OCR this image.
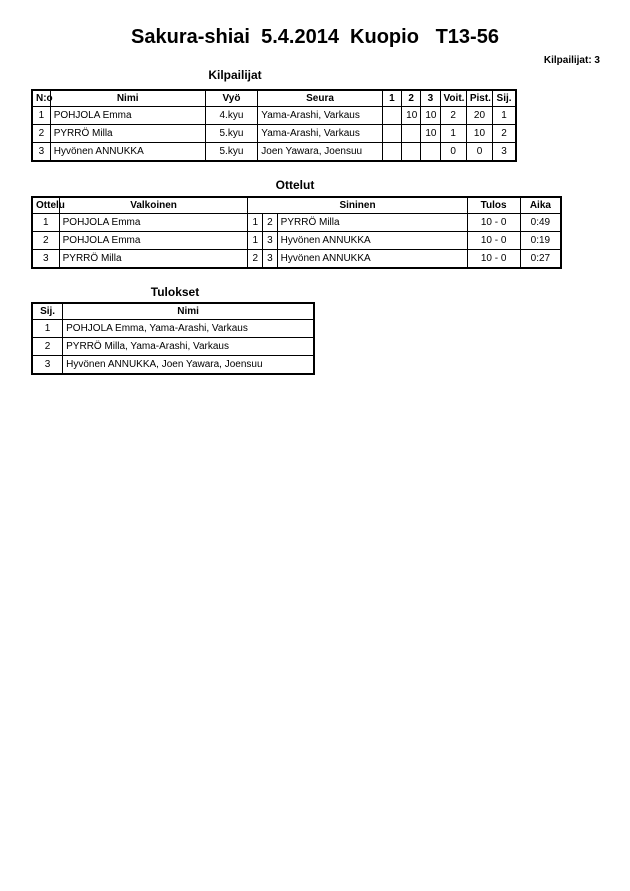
Sakura-shiai  5.4.2014  Kuopio   T13-56
Kilpailijat: 3
Kilpailijat
N:o	Nimi	Vyö	Seura	1	2	3	Voit.	Pist.	Sij.
1	POHJOLA Emma	4.kyu	Yama-Arashi, Varkaus		10	10	2	20	1
2	PYRRÖ Milla	5.kyu	Yama-Arashi, Varkaus			10	1	10	2
3	Hyvönen ANNUKKA	5.kyu	Joen Yawara, Joensuu				0	0	3
Ottelut
Ottelu	Valkoinen	Sininen			Tulos	Aika
1	POHJOLA Emma	1	2	PYRRÖ Milla	10 - 0	0:49
2	POHJOLA Emma	1	3	Hyvönen ANNUKKA	10 - 0	0:19
3	PYRRÖ Milla	2	3	Hyvönen ANNUKKA	10 - 0	0:27
Tulokset
Sij.	Nimi
1	POHJOLA Emma, Yama-Arashi, Varkaus
2	PYRRÖ Milla, Yama-Arashi, Varkaus
3	Hyvönen ANNUKKA, Joen Yawara, Joensuu
